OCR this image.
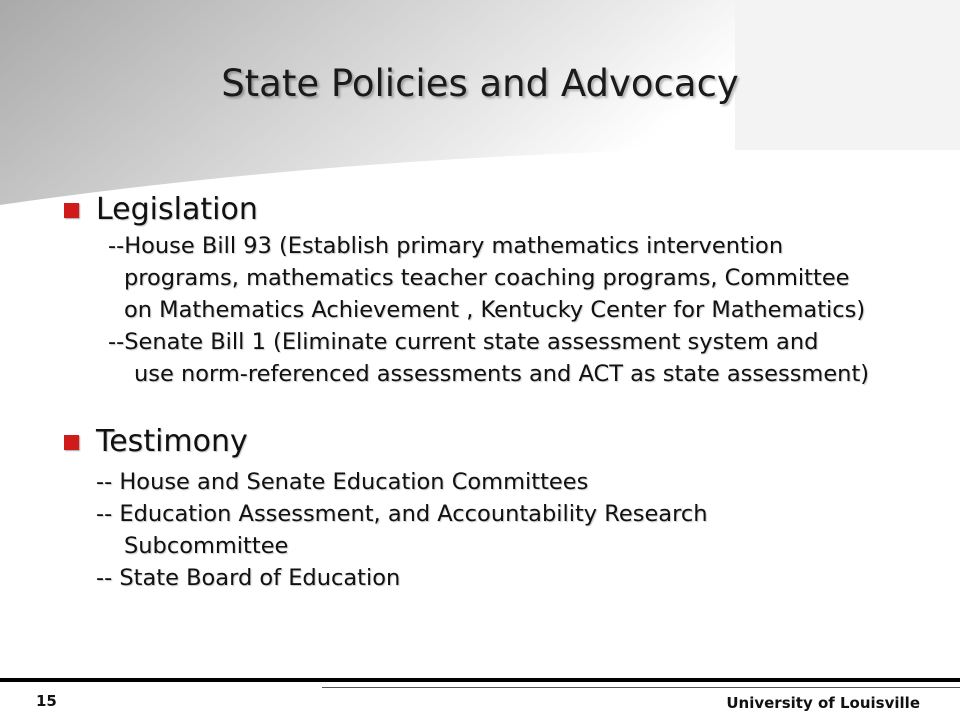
State Policies and Advocacy
Legislation
--House Bill 93 (Establish primary mathematics intervention
programs, mathematics teacher coaching programs, Committee
on Mathematics Achievement , Kentucky Center for Mathematics)
--Senate Bill 1 (Eliminate current state assessment system and
use norm-referenced assessments and ACT as state assessment)
Testimony
-- House and Senate Education Committees
-- Education Assessment, and Accountability Research
Subcommittee
-- State Board of Education
15	University of Louisville
